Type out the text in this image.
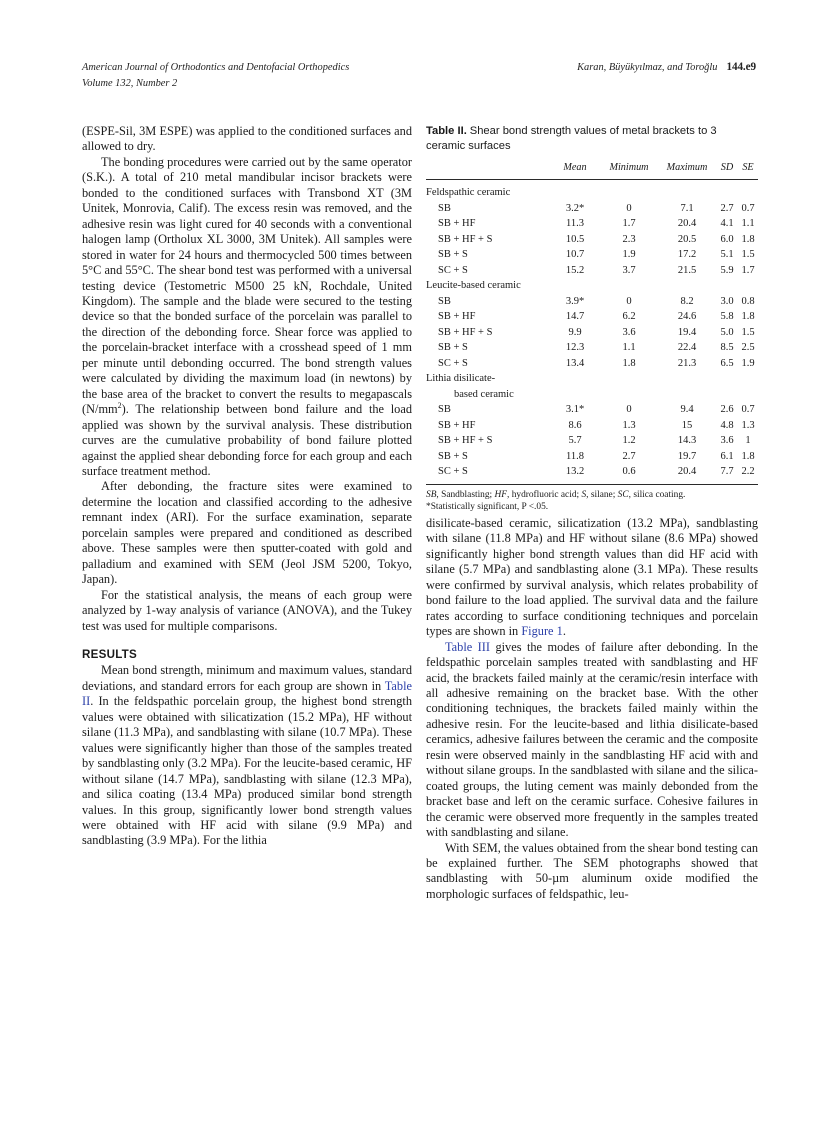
American Journal of Orthodontics and Dentofacial Orthopedics	Karan, Büyükyılmaz, and Toroğlu 144.e9
Volume 132, Number 2

(ESPE-Sil, 3M ESPE) was applied to the conditioned surfaces and allowed to dry.

The bonding procedures were carried out by the same operator (S.K.). A total of 210 metal mandibular incisor brackets were bonded to the conditioned surfaces with Transbond XT (3M Unitek, Monrovia, Calif). The excess resin was removed, and the adhesive resin was light cured for 40 seconds with a conventional halogen lamp (Ortholux XL 3000, 3M Unitek). All samples were stored in water for 24 hours and thermocycled 500 times between 5°C and 55°C. The shear bond test was performed with a universal testing device (Testometric M500 25 kN, Rochdale, United Kingdom). The sample and the blade were secured to the testing device so that the bonded surface of the porcelain was parallel to the direction of the debonding force. Shear force was applied to the porcelain-bracket interface with a crosshead speed of 1 mm per minute until debonding occurred. The bond strength values were calculated by dividing the maximum load (in newtons) by the base area of the bracket to convert the results to megapascals $(N/mm^2)$. The relationship between bond failure and the load applied was shown by the survival analysis. These distribution curves are the cumulative probability of bond failure plotted against the applied shear debonding force for each group and each surface treatment method.

After debonding, the fracture sites were examined to determine the location and classified according to the adhesive remnant index (ARI). For the surface examination, separate porcelain samples were prepared and conditioned as described above. These samples were then sputter-coated with gold and palladium and examined with SEM (Jeol JSM 5200, Tokyo, Japan).

For the statistical analysis, the means of each group were analyzed by 1-way analysis of variance (ANOVA), and the Tukey test was used for multiple comparisons.

RESULTS

Mean bond strength, minimum and maximum values, standard deviations, and standard errors for each group are shown in Table II. In the feldspathic porcelain group, the highest bond strength values were obtained with silicatization (15.2 MPa), HF without silane (11.3 MPa), and sandblasting with silane (10.7 MPa). These values were significantly higher than those of the samples treated by sandblasting only (3.2 MPa). For the leucite-based ceramic, HF without silane (14.7 MPa), sandblasting with silane (12.3 MPa), and silica coating (13.4 MPa) produced similar bond strength values. In this group, significantly lower bond strength values were obtained with HF acid with silane (9.9 MPa) and sandblasting (3.9 MPa). For the lithia

Table II. Shear bond strength values of metal brackets to 3 ceramic surfaces
	Mean	Minimum	Maximum	SD	SE
Feldspathic ceramic					
SB	3.2*	0	7.1	2.7	0.7
SB + HF	11.3	1.7	20.4	4.1	1.1
SB + HF + S	10.5	2.3	20.5	6.0	1.8
SB + S	10.7	1.9	17.2	5.1	1.5
SC + S	15.2	3.7	21.5	5.9	1.7
Leucite-based ceramic					
SB	3.9*	0	8.2	3.0	0.8
SB + HF	14.7	6.2	24.6	5.8	1.8
SB + HF + S	9.9	3.6	19.4	5.0	1.5
SB + S	12.3	1.1	22.4	8.5	2.5
SC + S	13.4	1.8	21.3	6.5	1.9
Lithia disilicate-					
based ceramic					
SB	3.1*	0	9.4	2.6	0.7
SB + HF	8.6	1.3	15	4.8	1.3
SB + HF + S	5.7	1.2	14.3	3.6	1
SB + S	11.8	2.7	19.7	6.1	1.8
SC + S	13.2	0.6	20.4	7.7	2.2
SB, Sandblasting; HF, hydrofluoric acid; S, silane; SC, silica coating.
*Statistically significant, P <.05.

disilicate-based ceramic, silicatization (13.2 MPa), sandblasting with silane (11.8 MPa) and HF without silane (8.6 MPa) showed significantly higher bond strength values than did HF acid with silane (5.7 MPa) and sandblasting alone (3.1 MPa). These results were confirmed by survival analysis, which relates probability of bond failure to the load applied. The survival data and the failure rates according to surface conditioning techniques and porcelain types are shown in Figure 1.

Table III gives the modes of failure after debonding. In the feldspathic porcelain samples treated with sandblasting and HF acid, the brackets failed mainly at the ceramic/resin interface with all adhesive remaining on the bracket base. With the other conditioning techniques, the brackets failed mainly within the adhesive resin. For the leucite-based and lithia disilicate-based ceramics, adhesive failures between the ceramic and the composite resin were observed mainly in the sandblasting HF acid with and without silane groups. In the sandblasted with silane and the silica-coated groups, the luting cement was mainly debonded from the bracket base and left on the ceramic surface. Cohesive failures in the ceramic were observed more frequently in the samples treated with sandblasting and silane.

With SEM, the values obtained from the shear bond testing can be explained further. The SEM photographs showed that sandblasting with 50-µm aluminum oxide modified the morphologic surfaces of feldspathic, leu-
